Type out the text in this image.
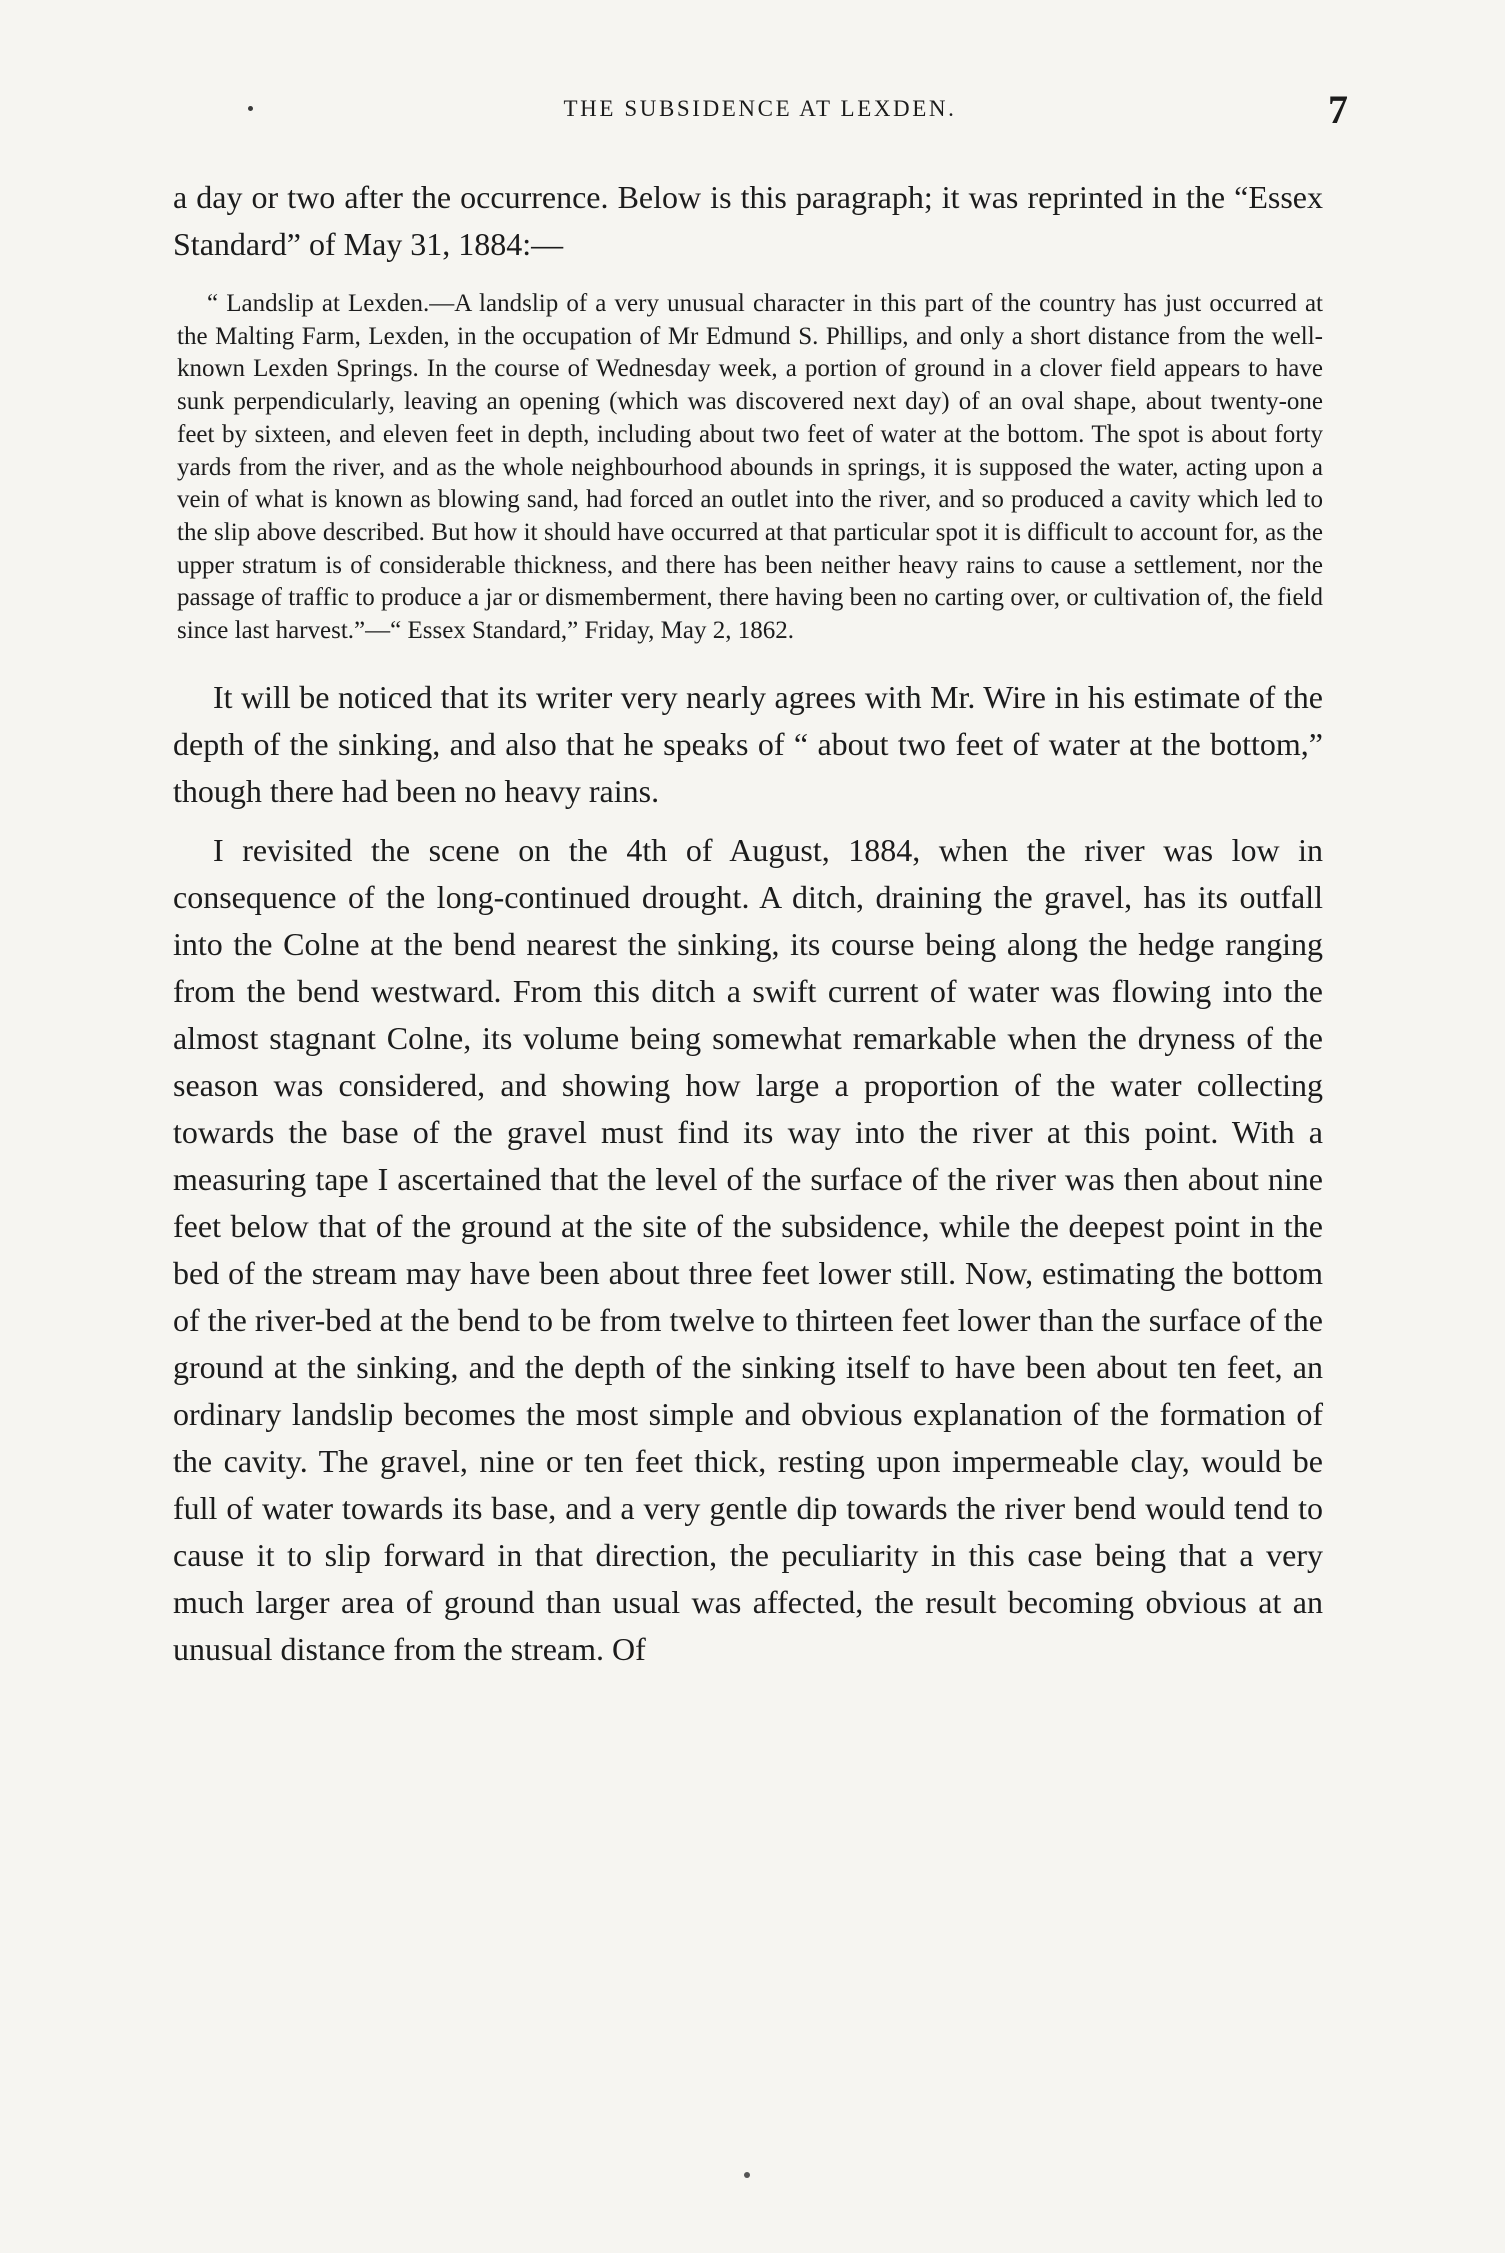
THE SUBSIDENCE AT LEXDEN.	7

a day or two after the occurrence. Below is this paragraph; it was reprinted in the “Essex Standard” of May 31, 1884:—

“ Landslip at Lexden.—A landslip of a very unusual character in this part of the country has just occurred at the Malting Farm, Lexden, in the occupation of Mr Edmund S. Phillips, and only a short distance from the well-known Lexden Springs. In the course of Wednesday week, a portion of ground in a clover field appears to have sunk perpendicularly, leaving an opening (which was discovered next day) of an oval shape, about twenty-one feet by sixteen, and eleven feet in depth, including about two feet of water at the bottom. The spot is about forty yards from the river, and as the whole neighbourhood abounds in springs, it is supposed the water, acting upon a vein of what is known as blowing sand, had forced an outlet into the river, and so produced a cavity which led to the slip above described. But how it should have occurred at that particular spot it is difficult to account for, as the upper stratum is of considerable thickness, and there has been neither heavy rains to cause a settlement, nor the passage of traffic to produce a jar or dismemberment, there having been no carting over, or cultivation of, the field since last harvest.”—“ Essex Standard,” Friday, May 2, 1862.

It will be noticed that its writer very nearly agrees with Mr. Wire in his estimate of the depth of the sinking, and also that he speaks of “ about two feet of water at the bottom,” though there had been no heavy rains.

I revisited the scene on the 4th of August, 1884, when the river was low in consequence of the long-continued drought. A ditch, draining the gravel, has its outfall into the Colne at the bend nearest the sinking, its course being along the hedge ranging from the bend westward. From this ditch a swift current of water was flowing into the almost stagnant Colne, its volume being somewhat remarkable when the dryness of the season was considered, and showing how large a proportion of the water collecting towards the base of the gravel must find its way into the river at this point. With a measuring tape I ascertained that the level of the surface of the river was then about nine feet below that of the ground at the site of the subsidence, while the deepest point in the bed of the stream may have been about three feet lower still. Now, estimating the bottom of the river-bed at the bend to be from twelve to thirteen feet lower than the surface of the ground at the sinking, and the depth of the sinking itself to have been about ten feet, an ordinary landslip becomes the most simple and obvious explanation of the formation of the cavity. The gravel, nine or ten feet thick, resting upon impermeable clay, would be full of water towards its base, and a very gentle dip towards the river bend would tend to cause it to slip forward in that direction, the peculiarity in this case being that a very much larger area of ground than usual was affected, the result becoming obvious at an unusual distance from the stream. Of
